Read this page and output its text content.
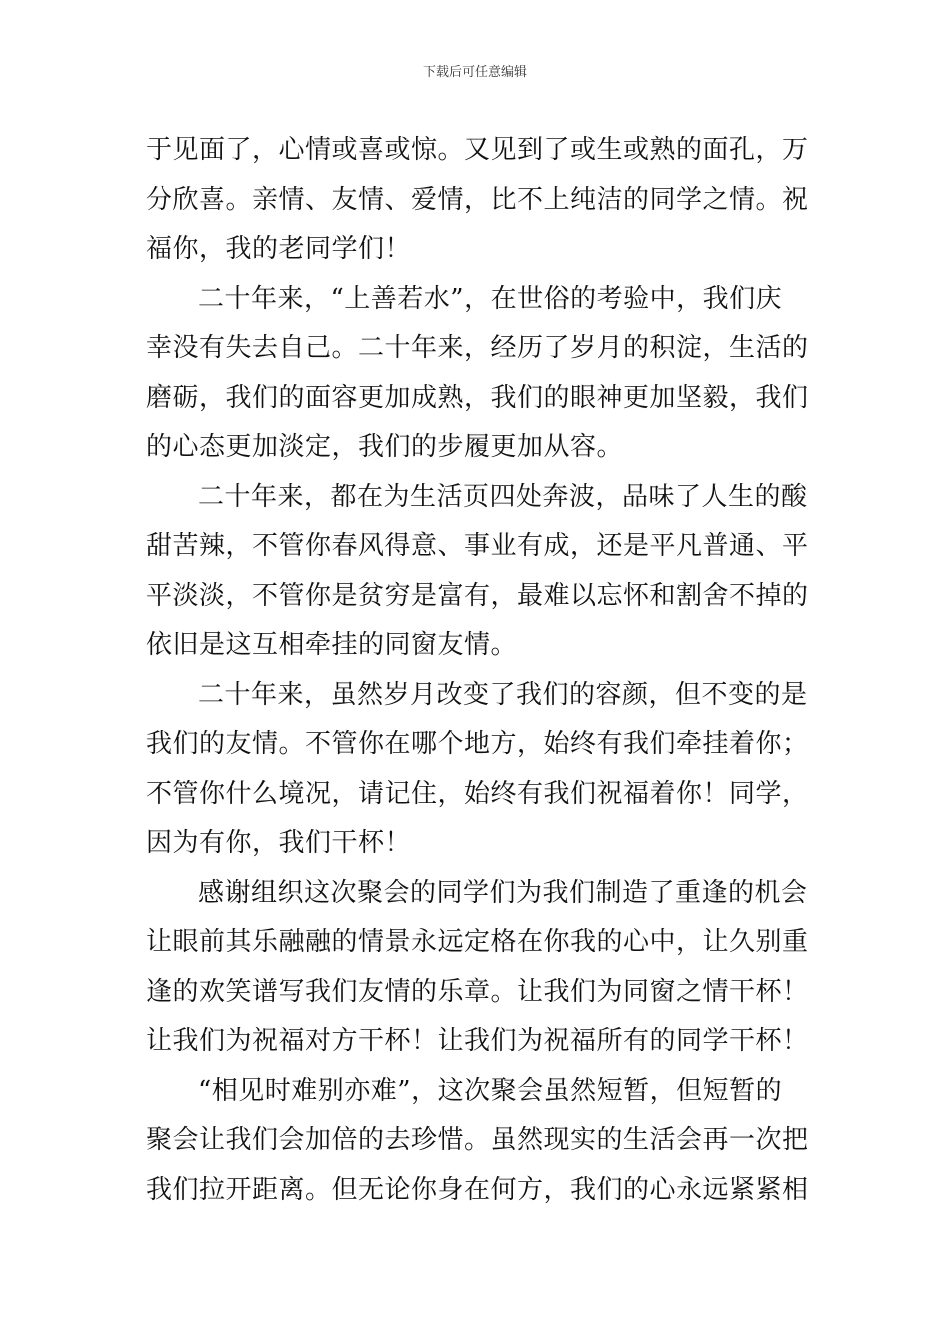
下载后可任意编辑
于见面了，心情或喜或惊。又见到了或生或熟的面孔，万
分欣喜。亲情、友情、爱情，比不上纯洁的同学之情。祝
福你，我的老同学们！
二十年来，“上善若水”，在世俗的考验中，我们庆
幸没有失去自己。二十年来，经历了岁月的积淀，生活的
磨砺，我们的面容更加成熟，我们的眼神更加坚毅，我们
的心态更加淡定，我们的步履更加从容。
二十年来，都在为生活页四处奔波，品味了人生的酸
甜苦辣，不管你春风得意、事业有成，还是平凡普通、平
平淡淡，不管你是贫穷是富有，最难以忘怀和割舍不掉的
依旧是这互相牵挂的同窗友情。
二十年来，虽然岁月改变了我们的容颜，但不变的是
我们的友情。不管你在哪个地方，始终有我们牵挂着你；
不管你什么境况，请记住，始终有我们祝福着你！同学，
因为有你，我们干杯！
感谢组织这次聚会的同学们为我们制造了重逢的机会
让眼前其乐融融的情景永远定格在你我的心中，让久别重
逢的欢笑谱写我们友情的乐章。让我们为同窗之情干杯！
让我们为祝福对方干杯！让我们为祝福所有的同学干杯！
“相见时难别亦难”，这次聚会虽然短暂，但短暂的
聚会让我们会加倍的去珍惜。虽然现实的生活会再一次把
我们拉开距离。但无论你身在何方，我们的心永远紧紧相
